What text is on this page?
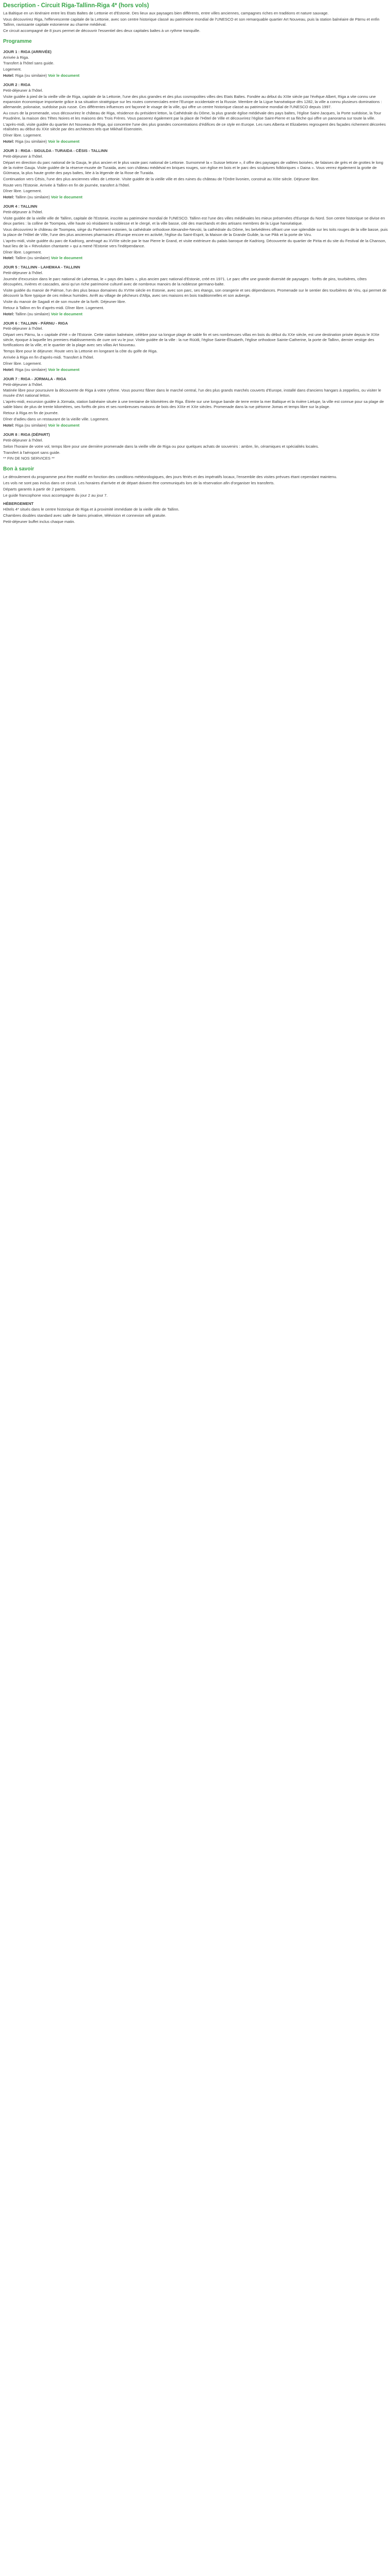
Description - Circuit Riga-Tallinn-Riga 4* (hors vols)

La Baltique en un itinéraire entre les Etats Baltes de Lettonie et d'Estonie. Des lieux aux paysages bien différents, entre villes anciennes, campagnes riches en traditions et nature sauvage.

Vous découvrirez Riga, l'effervescente capitale de la Lettonie, avec son centre historique classé au patrimoine mondial de l'UNESCO et son remarquable quartier Art Nouveau, puis la station balnéaire de Pärnu et enfin Tallinn, ravissante capitale estonienne au charme médiéval.

Ce circuit accompagné de 8 jours permet de découvrir l'essentiel des deux capitales baltes à un rythme tranquille.

Programme
JOUR 1 : RIGA (ARRIVÉE)

Arrivée à Riga.

Transfert à l'hôtel sans guide.

Logement.

Hotel: Riga (ou similaire) Voir le document

JOUR 2 : RIGA

Petit-déjeuner à l'hôtel.

Visite guidée à pied de la vieille ville de Riga, capitale de la Lettonie, l'une des plus grandes et des plus cosmopolites villes des Etats Baltes. Fondée au début du XIIIe siècle par l'évêque Albert, Riga a vite connu une expansion économique importante grâce à sa situation stratégique sur les routes commerciales entre l'Europe occidentale et la Russie. Membre de la Ligue hanséatique dès 1282, la ville a connu plusieurs dominations : allemande, polonaise, suédoise puis russe. Ces différentes influences ont façonné le visage de la ville, qui offre un centre historique classé au patrimoine mondial de l'UNESCO depuis 1997.

Au cours de la promenade, vous découvrirez le château de Riga, résidence du président letton, la Cathédrale du Dôme, la plus grande église médiévale des pays baltes, l'église Saint-Jacques, la Porte suédoise, la Tour Poudrière, la maison des Têtes Noires et les maisons des Trois Frères. Vous passerez également par la place de l'Hôtel de Ville et découvrirez l'église Saint-Pierre et sa flèche qui offre un panorama sur toute la ville.

L'après-midi, visite guidée du quartier Art Nouveau de Riga, qui concentre l'une des plus grandes concentrations d'édifices de ce style en Europe. Les rues Alberta et Elizabetes regroupent des façades richement décorées réalisées au début du XXe siècle par des architectes tels que Mikhaïl Eisenstein.

Dîner libre. Logement.

Hotel: Riga (ou similaire) Voir le document

JOUR 3 : RIGA - SIGULDA - TURAIDA - CĒSIS - TALLINN

Petit-déjeuner à l'hôtel.

Départ en direction du parc national de la Gauja, le plus ancien et le plus vaste parc national de Lettonie. Surnommé la « Suisse lettone », il offre des paysages de vallées boisées, de falaises de grès et de grottes le long de la rivière Gauja. Visite guidée de la réserve-musée de Turaida, avec son château médiéval en briques rouges, son église en bois et le parc des sculptures folkloriques « Daina ». Vous verrez également la grotte de Gūtmaņa, la plus haute grotte des pays baltes, liée à la légende de la Rose de Turaida.

Continuation vers Cēsis, l'une des plus anciennes villes de Lettonie. Visite guidée de la vieille ville et des ruines du château de l'Ordre livonien, construit au XIIIe siècle. Déjeuner libre.

Route vers l'Estonie. Arrivée à Tallinn en fin de journée, transfert à l'hôtel.

Dîner libre. Logement.

Hotel: Tallinn (ou similaire) Voir le document

JOUR 4 : TALLINN

Petit-déjeuner à l'hôtel.

Visite guidée de la vieille ville de Tallinn, capitale de l'Estonie, inscrite au patrimoine mondial de l'UNESCO. Tallinn est l'une des villes médiévales les mieux préservées d'Europe du Nord. Son centre historique se divise en deux parties : la colline de Toompea, ville haute où résidaient la noblesse et le clergé, et la ville basse, cité des marchands et des artisans membres de la Ligue hanséatique.

Vous découvrirez le château de Toompea, siège du Parlement estonien, la cathédrale orthodoxe Alexandre-Nevski, la cathédrale du Dôme, les belvédères offrant une vue splendide sur les toits rouges de la ville basse, puis la place de l'Hôtel de Ville, l'une des plus anciennes pharmacies d'Europe encore en activité, l'église du Saint-Esprit, la Maison de la Grande Guilde, la rue Pikk et la porte de Viru.

L'après-midi, visite guidée du parc de Kadriorg, aménagé au XVIIIe siècle par le tsar Pierre le Grand, et visite extérieure du palais baroque de Kadriorg. Découverte du quartier de Pirita et du site du Festival de la Chanson, haut lieu de la « Révolution chantante » qui a mené l'Estonie vers l'indépendance.

Dîner libre. Logement.

Hotel: Tallinn (ou similaire) Voir le document

JOUR 5 : TALLINN - LAHEMAA - TALLINN

Petit-déjeuner à l'hôtel.

Journée d'excursion dans le parc national de Lahemaa, le « pays des baies », plus ancien parc national d'Estonie, créé en 1971. Le parc offre une grande diversité de paysages : forêts de pins, tourbières, côtes découpées, rivières et cascades, ainsi qu'un riche patrimoine culturel avec de nombreux manoirs de la noblesse germano-balte.

Visite guidée du manoir de Palmse, l'un des plus beaux domaines du XVIIIe siècle en Estonie, avec son parc, ses étangs, son orangerie et ses dépendances. Promenade sur le sentier des tourbières de Viru, qui permet de découvrir la flore typique de ces milieux humides. Arrêt au village de pêcheurs d'Altja, avec ses maisons en bois traditionnelles et son auberge.

Visite du manoir de Sagadi et de son musée de la forêt. Déjeuner libre.

Retour à Tallinn en fin d'après-midi. Dîner libre. Logement.

Hotel: Tallinn (ou similaire) Voir le document

JOUR 6 : TALLINN - PÄRNU - RIGA

Petit-déjeuner à l'hôtel.

Départ vers Pärnu, la « capitale d'été » de l'Estonie. Cette station balnéaire, célèbre pour sa longue plage de sable fin et ses nombreuses villas en bois du début du XXe siècle, est une destination prisée depuis le XIXe siècle, époque à laquelle les premiers établissements de cure ont vu le jour. Visite guidée de la ville : la rue Rüütli, l'église Sainte-Élisabeth, l'église orthodoxe Sainte-Catherine, la porte de Tallinn, dernier vestige des fortifications de la ville, et le quartier de la plage avec ses villas Art Nouveau.

Temps libre pour le déjeuner. Route vers la Lettonie en longeant la côte du golfe de Riga.

Arrivée à Riga en fin d'après-midi. Transfert à l'hôtel.

Dîner libre. Logement.

Hotel: Riga (ou similaire) Voir le document

JOUR 7 : RIGA - JŪRMALA - RIGA

Petit-déjeuner à l'hôtel.

Matinée libre pour poursuivre la découverte de Riga à votre rythme. Vous pourrez flâner dans le marché central, l'un des plus grands marchés couverts d'Europe, installé dans d'anciens hangars à zeppelins, ou visiter le musée d'Art national letton.

L'après-midi, excursion guidée à Jūrmala, station balnéaire située à une trentaine de kilomètres de Riga. Étirée sur une longue bande de terre entre la mer Baltique et la rivière Lielupe, la ville est connue pour sa plage de sable blanc de plus de trente kilomètres, ses forêts de pins et ses nombreuses maisons de bois des XIXe et XXe siècles. Promenade dans la rue piétonne Jomas et temps libre sur la plage.

Retour à Riga en fin de journée.

Dîner d'adieu dans un restaurant de la vieille ville. Logement.

Hotel: Riga (ou similaire) Voir le document

JOUR 8 : RIGA (DÉPART)

Petit-déjeuner à l'hôtel.

Selon l'horaire de votre vol, temps libre pour une dernière promenade dans la vieille ville de Riga ou pour quelques achats de souvenirs : ambre, lin, céramiques et spécialités locales.

Transfert à l'aéroport sans guide.

** FIN DE NOS SERVICES **

Bon à savoir

Le déroulement du programme peut être modifié en fonction des conditions météorologiques, des jours fériés et des impératifs locaux, l'ensemble des visites prévues étant cependant maintenu.

Les vols ne sont pas inclus dans ce circuit. Les horaires d'arrivée et de départ doivent être communiqués lors de la réservation afin d'organiser les transferts.

Départs garantis à partir de 2 participants.

Le guide francophone vous accompagne du jour 2 au jour 7.

HÉBERGEMENT

Hôtels 4* situés dans le centre historique de Riga et à proximité immédiate de la vieille ville de Tallinn.

Chambres doubles standard avec salle de bains privative, télévision et connexion wifi gratuite.

Petit-déjeuner buffet inclus chaque matin.
